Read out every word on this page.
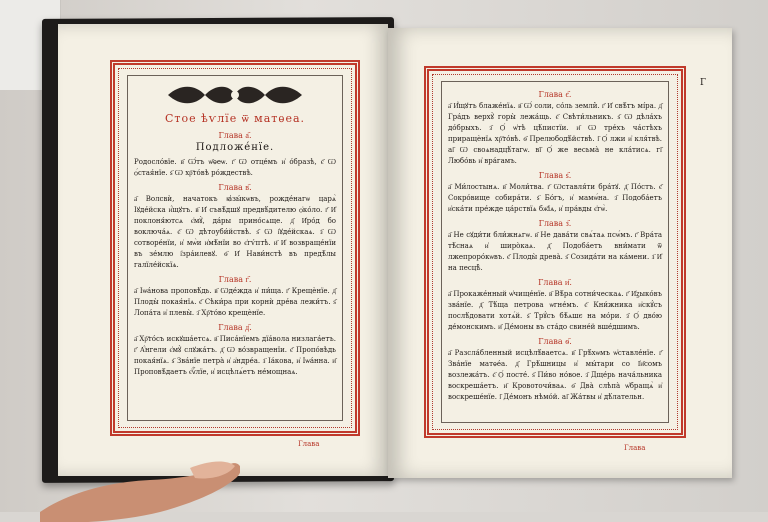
Стое ѣѵлїе ѿ матѳеа.
Глава а҃.
Подложе́нїе.

Родосло́вїе. в҃ Ѡ́тъ ѡ҃ѳеѡ. г҃ Ѡ отце́мъ и҆ о́бразѣ, є҃ Ѡ ѻ́стая́нїе. ѕ҃ Ѡ хр҇то́вѣ ро́ждествѣ.

Глава в҃.

а҃ Волсвѝ, начатокъ ꙗ҆зы́кѡвъ, рожде́нагѡ царѧ̀ Іꙋде́йска и҆́щꙋтъ. в҃ И҆ съвѣ́дшꙋ предвѣ́дителю ѻ҆ко́ло. г҃ И҆ поклоня́ютсѧ є҆мꙋ̀, да́ры прино́сѧще. д҃ И҆ро́д бо воключа́ѧ. є҃ Ѡ дѣтоуби́йствѣ. ѕ҃ Ѡ і҆ꙋде́йскаѧ. з҃ Ѡ сотворе́нїи, и҆ мѡ̀и и҆мѣ́нїи во є҆гѵ́птѣ. и҃ И҆ возвраще́нїи въ зе́млю і҆зра́илевꙋ. ѳ҃ И҆ Нави́нстѣ въ предѣ́лы галїле́йскїѧ.

Глава г҃.

а҃ Іѡа́нова проповѣ́дь. в҃ Ѡде́жда и҆ пи́ща. г҃ Крещѐнїе. д҃ Плоды̀ покая́нїѧ. є҃ Сѣки́ра при корнѝ дре́ва лежи́тъ. ѕ҃ Лопа́та и҆ плевы̀. з҃ Хр҇то́во крещѐнїе.

Глава д҃.

а҃ Хр҇то́съ искꙋша́етсѧ. в҃ Писа́нїемъ дїа́вола низлага́етъ. г҃ А҆́нгели є҆мꙋ̀ слꙋжа́тъ. д҃ Ѡ во́звращенїи. є҃ Пропо́вѣдь покая́нїѧ. ѕ҃ Зва́нїе петра̀ и҆ а҆ндре́а. з҃ Іа́кова, и҆ Іѡа́нна. и҃ Проповѣ́даетъ є҆ѵⷢ҇лїе, и҆ исцѣлѧ́етъ не́мощнаѧ.

Глава
Г
Глава є҃.

а҃ И҆́щꙋтъ блаже́нїѧ. в҃ Ѡ́ соли, со́ль земли̇̀. г҃ И҆ свѣ́тъ мі́ра. д҃ Гра́дъ верхꙋ̀ горы̀ лежа́щь. є҃ Свѣти́льникъ. ѕ҃ Ѡ дѣла́хъ до́брыхъ. з҃ Ѻ́ ѡ҆тѣ цѣ́пистїи. и҃ Ѡ тре́хъ ча́стѣхъ приращѐнїѧ хр҇то́вѣ. ѳ҃ Прелюбодѣ́йствѣ. і҃ Ѻ́ лжи и҆ кля́твѣ. аі҃ Ѡ своѧнадцѣ́тагѡ. вї҃ Ѻ́ же весьма̀ не кла́тисѧ. гі҃ Любо́вь и҆ вра́гамъ.

Глава ѕ҃.

а҃ Ми́лостынѧ. в҃ Моли́тва. г҃ Ѡставля́ти бра́тꙋ. д҃ По́стъ. є҃ Сокро́вище собира́ти. ѕ҃ Бо́гъ, и҆ мамѡ́на. з҃ Подоба́етъ и҆ска́ти пре́жде ца́рствїѧ бж҃їѧ, и҆ пра́вды є҆гѡ̀.

Глава з҃.

а҃ Не сꙋди́ти бли́жнѧгѡ. в҃ Не дава́ти свѧ́таѧ псѡ́мъ. г҃ Вра́та тѣ́снаѧ и҆ широ̀каѧ. д҃ Подоба́етъ вни́мати ѿ лжепроро́кѡвъ. є҃ Плоды̀ древа̀. ѕ҃ Созида́ти на ка́мени. з҃ И҆ на песцѣ̀.

Глава и҃.

а҃ Прокаже́нный ѡ҆чище́нїе. в҃ Вѣ́ра сотни́ческаѧ. г҃ И҆ꙁыко́въ зва́нїе. д҃ Тѣ́ща петрова ѡгне́мъ. є҃ Кни́жника и҆скꙋ́съ послѣ́довати хотѧ́й. ѕ҃ Трꙋ́съ бѣ́ѧшє на мо́ри. з҃ Ѻ́ дво́ю де́монскимъ. и҃ Де́моны въ ста́до свине́й вше́дшимъ.

Глава ѳ҃.

а҃ Разсла́бленный исцѣлѣ́ваетсѧ. в҃ Грѣ́хѡмъ ѡ҆ставле́нїе. г҃ Зва́нїе матѳе́а. д҃ Грѣ́шницы и҆ мы́тари со І҆и҃сомъ возлежа́тъ. є҃ Ѻ́ посте́. ѕ҃ Пи́во но́вое. з҃ Дще́рь нача́льника воскреша́етъ. и҃ Кровоточи́ваѧ. ѳ҃ Два̀ слѣпа̀ ѡ҆бращѧ̀ и҆ воскреше́нїе. і҃ Де́монъ нѣмо́й. аі҃ Жа́твы и҆ дѣ́лательн.

Глава
